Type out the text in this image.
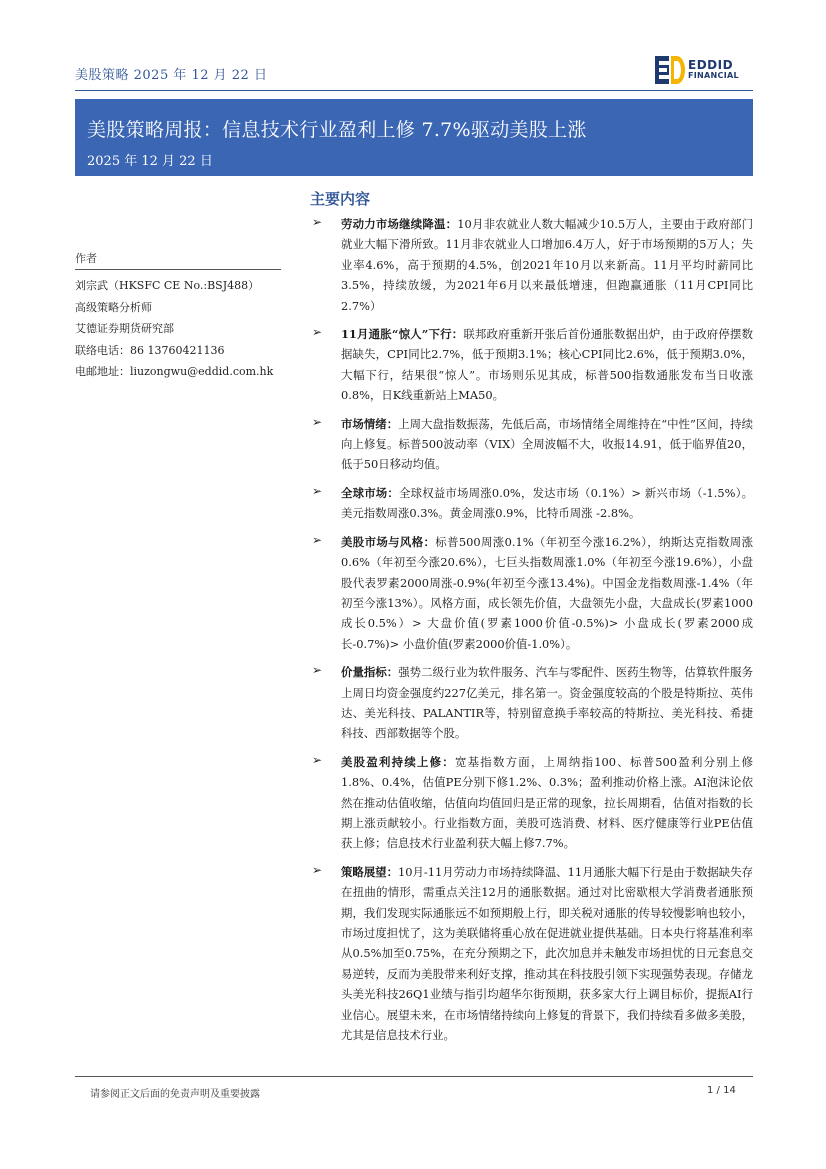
美股策略 2025 年 12 月 22 日
EDDID
FINANCIAL
美股策略周报：信息技术行业盈利上修 7.7%驱动美股上涨
2025 年 12 月 22 日
作者
刘宗武（HKSFC CE No.:BSJ488）
高级策略分析师
艾德证券期货研究部
联络电话：86 13760421136
电邮地址：liuzongwu@eddid.com.hk
主要内容
➢ 劳动力市场继续降温：10月非农就业人数大幅减少10.5万人，主要由于政府部门就业大幅下滑所致。11月非农就业人口增加6.4万人，好于市场预期的5万人；失业率4.6%，高于预期的4.5%，创2021年10月以来新高。11月平均时薪同比3.5%，持续放缓，为2021年6月以来最低增速，但跑赢通胀（11月CPI同比2.7%）
➢ 11月通胀“惊人”下行：联邦政府重新开张后首份通胀数据出炉，由于政府停摆数据缺失，CPI同比2.7%，低于预期3.1%；核心CPI同比2.6%，低于预期3.0%，大幅下行，结果很“惊人”。市场则乐见其成，标普500指数通胀发布当日收涨0.8%，日K线重新站上MA50。
➢ 市场情绪：上周大盘指数振荡，先低后高，市场情绪全周维持在“中性”区间，持续向上修复。标普500波动率（VIX）全周波幅不大，收报14.91，低于临界值20，低于50日移动均值。
➢ 全球市场：全球权益市场周涨0.0%，发达市场（0.1%）> 新兴市场（-1.5%）。美元指数周涨0.3%。黄金周涨0.9%，比特币周涨 -2.8%。
➢ 美股市场与风格：标普500周涨0.1%（年初至今涨16.2%），纳斯达克指数周涨0.6%（年初至今涨20.6%），七巨头指数周涨1.0%（年初至今涨19.6%），小盘股代表罗素2000周涨-0.9%(年初至今涨13.4%)。中国金龙指数周涨-1.4%（年初至今涨13%）。风格方面，成长领先价值，大盘领先小盘，大盘成长(罗素1000成长0.5%）> 大盘价值(罗素1000价值-0.5%)> 小盘成长(罗素2000成长-0.7%)> 小盘价值(罗素2000价值-1.0%）。
➢ 价量指标：强势二级行业为软件服务、汽车与零配件、医药生物等，估算软件服务上周日均资金强度约227亿美元，排名第一。资金强度较高的个股是特斯拉、英伟达、美光科技、PALANTIR等，特别留意换手率较高的特斯拉、美光科技、希捷科技、西部数据等个股。
➢ 美股盈利持续上修：宽基指数方面，上周纳指100、标普500盈利分别上修1.8%、0.4%，估值PE分别下修1.2%、0.3%；盈利推动价格上涨。AI泡沫论依然在推动估值收缩，估值向均值回归是正常的现象，拉长周期看，估值对指数的长期上涨贡献较小。行业指数方面，美股可选消费、材料、医疗健康等行业PE估值获上修；信息技术行业盈利获大幅上修7.7%。
➢ 策略展望：10月-11月劳动力市场持续降温、11月通胀大幅下行是由于数据缺失存在扭曲的情形，需重点关注12月的通胀数据。通过对比密歇根大学消费者通胀预期，我们发现实际通胀远不如预期般上行，即关税对通胀的传导较慢影响也较小，市场过度担忧了，这为美联储将重心放在促进就业提供基础。日本央行将基准利率从0.5%加至0.75%，在充分预期之下，此次加息并未触发市场担忧的日元套息交易逆转，反而为美股带来利好支撑，推动其在科技股引领下实现强势表现。存储龙头美光科技26Q1业绩与指引均超华尔街预期，获多家大行上调目标价，提振AI行业信心。展望未来，在市场情绪持续向上修复的背景下，我们持续看多做多美股，尤其是信息技术行业。
请参阅正文后面的免责声明及重要披露	1 / 14
